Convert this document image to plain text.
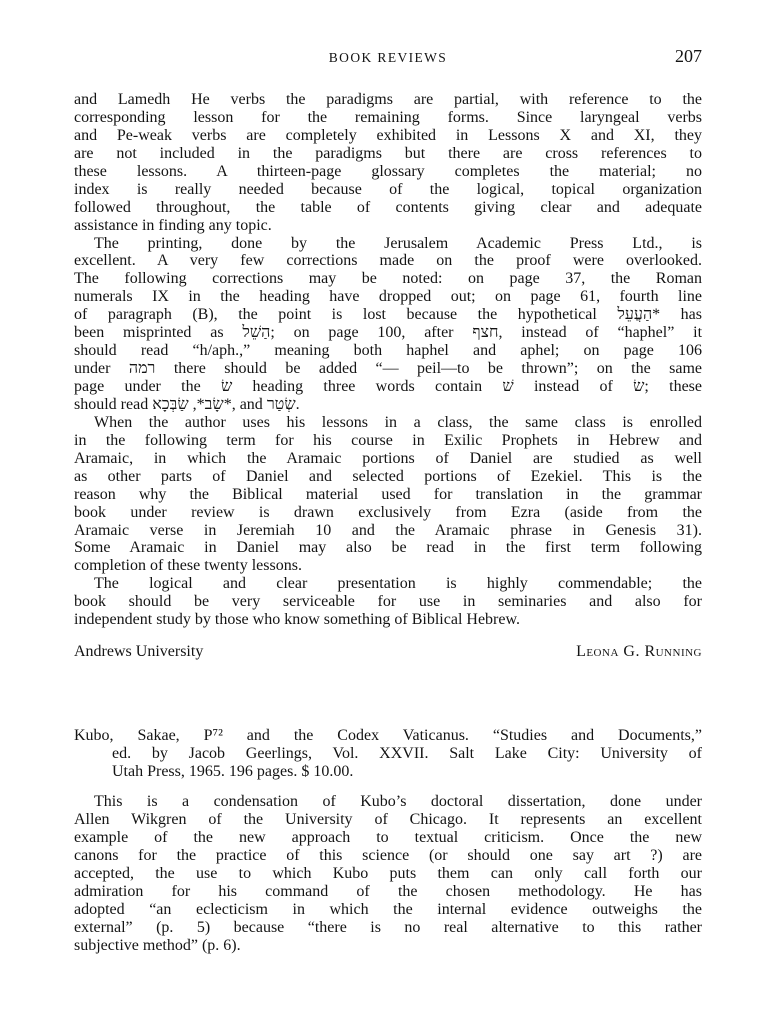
BOOK REVIEWS	207
and Lamedh He verbs the paradigms are partial, with reference to the
corresponding lesson for the remaining forms. Since laryngeal verbs
and Pe-weak verbs are completely exhibited in Lessons X and XI, they
are not included in the paradigms but there are cross references to
these lessons. A thirteen-page glossary completes the material; no
index is really needed because of the logical, topical organization
followed throughout, the table of contents giving clear and adequate
assistance in finding any topic.
The printing, done by the Jerusalem Academic Press Ltd., is
excellent. A very few corrections made on the proof were overlooked.
The following corrections may be noted: on page 37, the Roman
numerals IX in the heading have dropped out; on page 61, fourth line
of paragraph (B), the point is lost because the hypothetical הַעֲעֵל* has
been misprinted as הַשֵׁל; on page 100, after חצף, instead of “haphel” it
should read “h/aph.,” meaning both haphel and aphel; on page 106
under רמה there should be added “— peil—to be thrown”; on the same
page under the שׂ heading three words contain שׁ instead of שׂ; these
should read שָׂב*, שַׂבְּכָא*, and שְׂטַר.
When the author uses his lessons in a class, the same class is enrolled
in the following term for his course in Exilic Prophets in Hebrew and
Aramaic, in which the Aramaic portions of Daniel are studied as well
as other parts of Daniel and selected portions of Ezekiel. This is the
reason why the Biblical material used for translation in the grammar
book under review is drawn exclusively from Ezra (aside from the
Aramaic verse in Jeremiah 10 and the Aramaic phrase in Genesis 31).
Some Aramaic in Daniel may also be read in the first term following
completion of these twenty lessons.
The logical and clear presentation is highly commendable; the
book should be very serviceable for use in seminaries and also for
independent study by those who know something of Biblical Hebrew.
Andrews University	Leona G. Running
Kubo, Sakae, P⁷² and the Codex Vaticanus. “Studies and Documents,”
ed. by Jacob Geerlings, Vol. XXVII. Salt Lake City: University of
Utah Press, 1965. 196 pages. $ 10.00.
This is a condensation of Kubo’s doctoral dissertation, done under
Allen Wikgren of the University of Chicago. It represents an excellent
example of the new approach to textual criticism. Once the new
canons for the practice of this science (or should one say art ?) are
accepted, the use to which Kubo puts them can only call forth our
admiration for his command of the chosen methodology. He has
adopted “an eclecticism in which the internal evidence outweighs the
external” (p. 5) because “there is no real alternative to this rather
subjective method” (p. 6).
